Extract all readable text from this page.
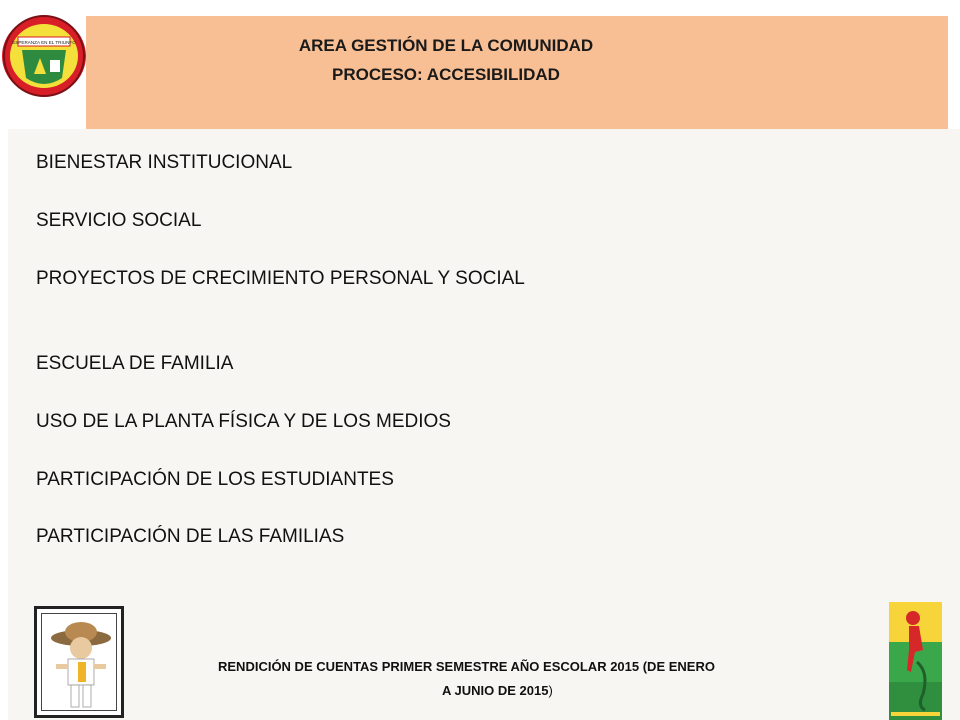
ESPERANZA EN EL TRIUNFO	AREA GESTIÓN DE LA COMUNIDAD
PROCESO: ACCESIBILIDAD
BIENESTAR INSTITUCIONAL
SERVICIO SOCIAL
PROYECTOS DE CRECIMIENTO PERSONAL Y SOCIAL
ESCUELA DE FAMILIA
USO DE LA PLANTA FÍSICA Y DE LOS MEDIOS
PARTICIPACIÓN DE LOS ESTUDIANTES
PARTICIPACIÓN DE LAS FAMILIAS
RENDICIÓN DE CUENTAS PRIMER SEMESTRE AÑO ESCOLAR 2015 (DE ENERO
A JUNIO DE 2015)
